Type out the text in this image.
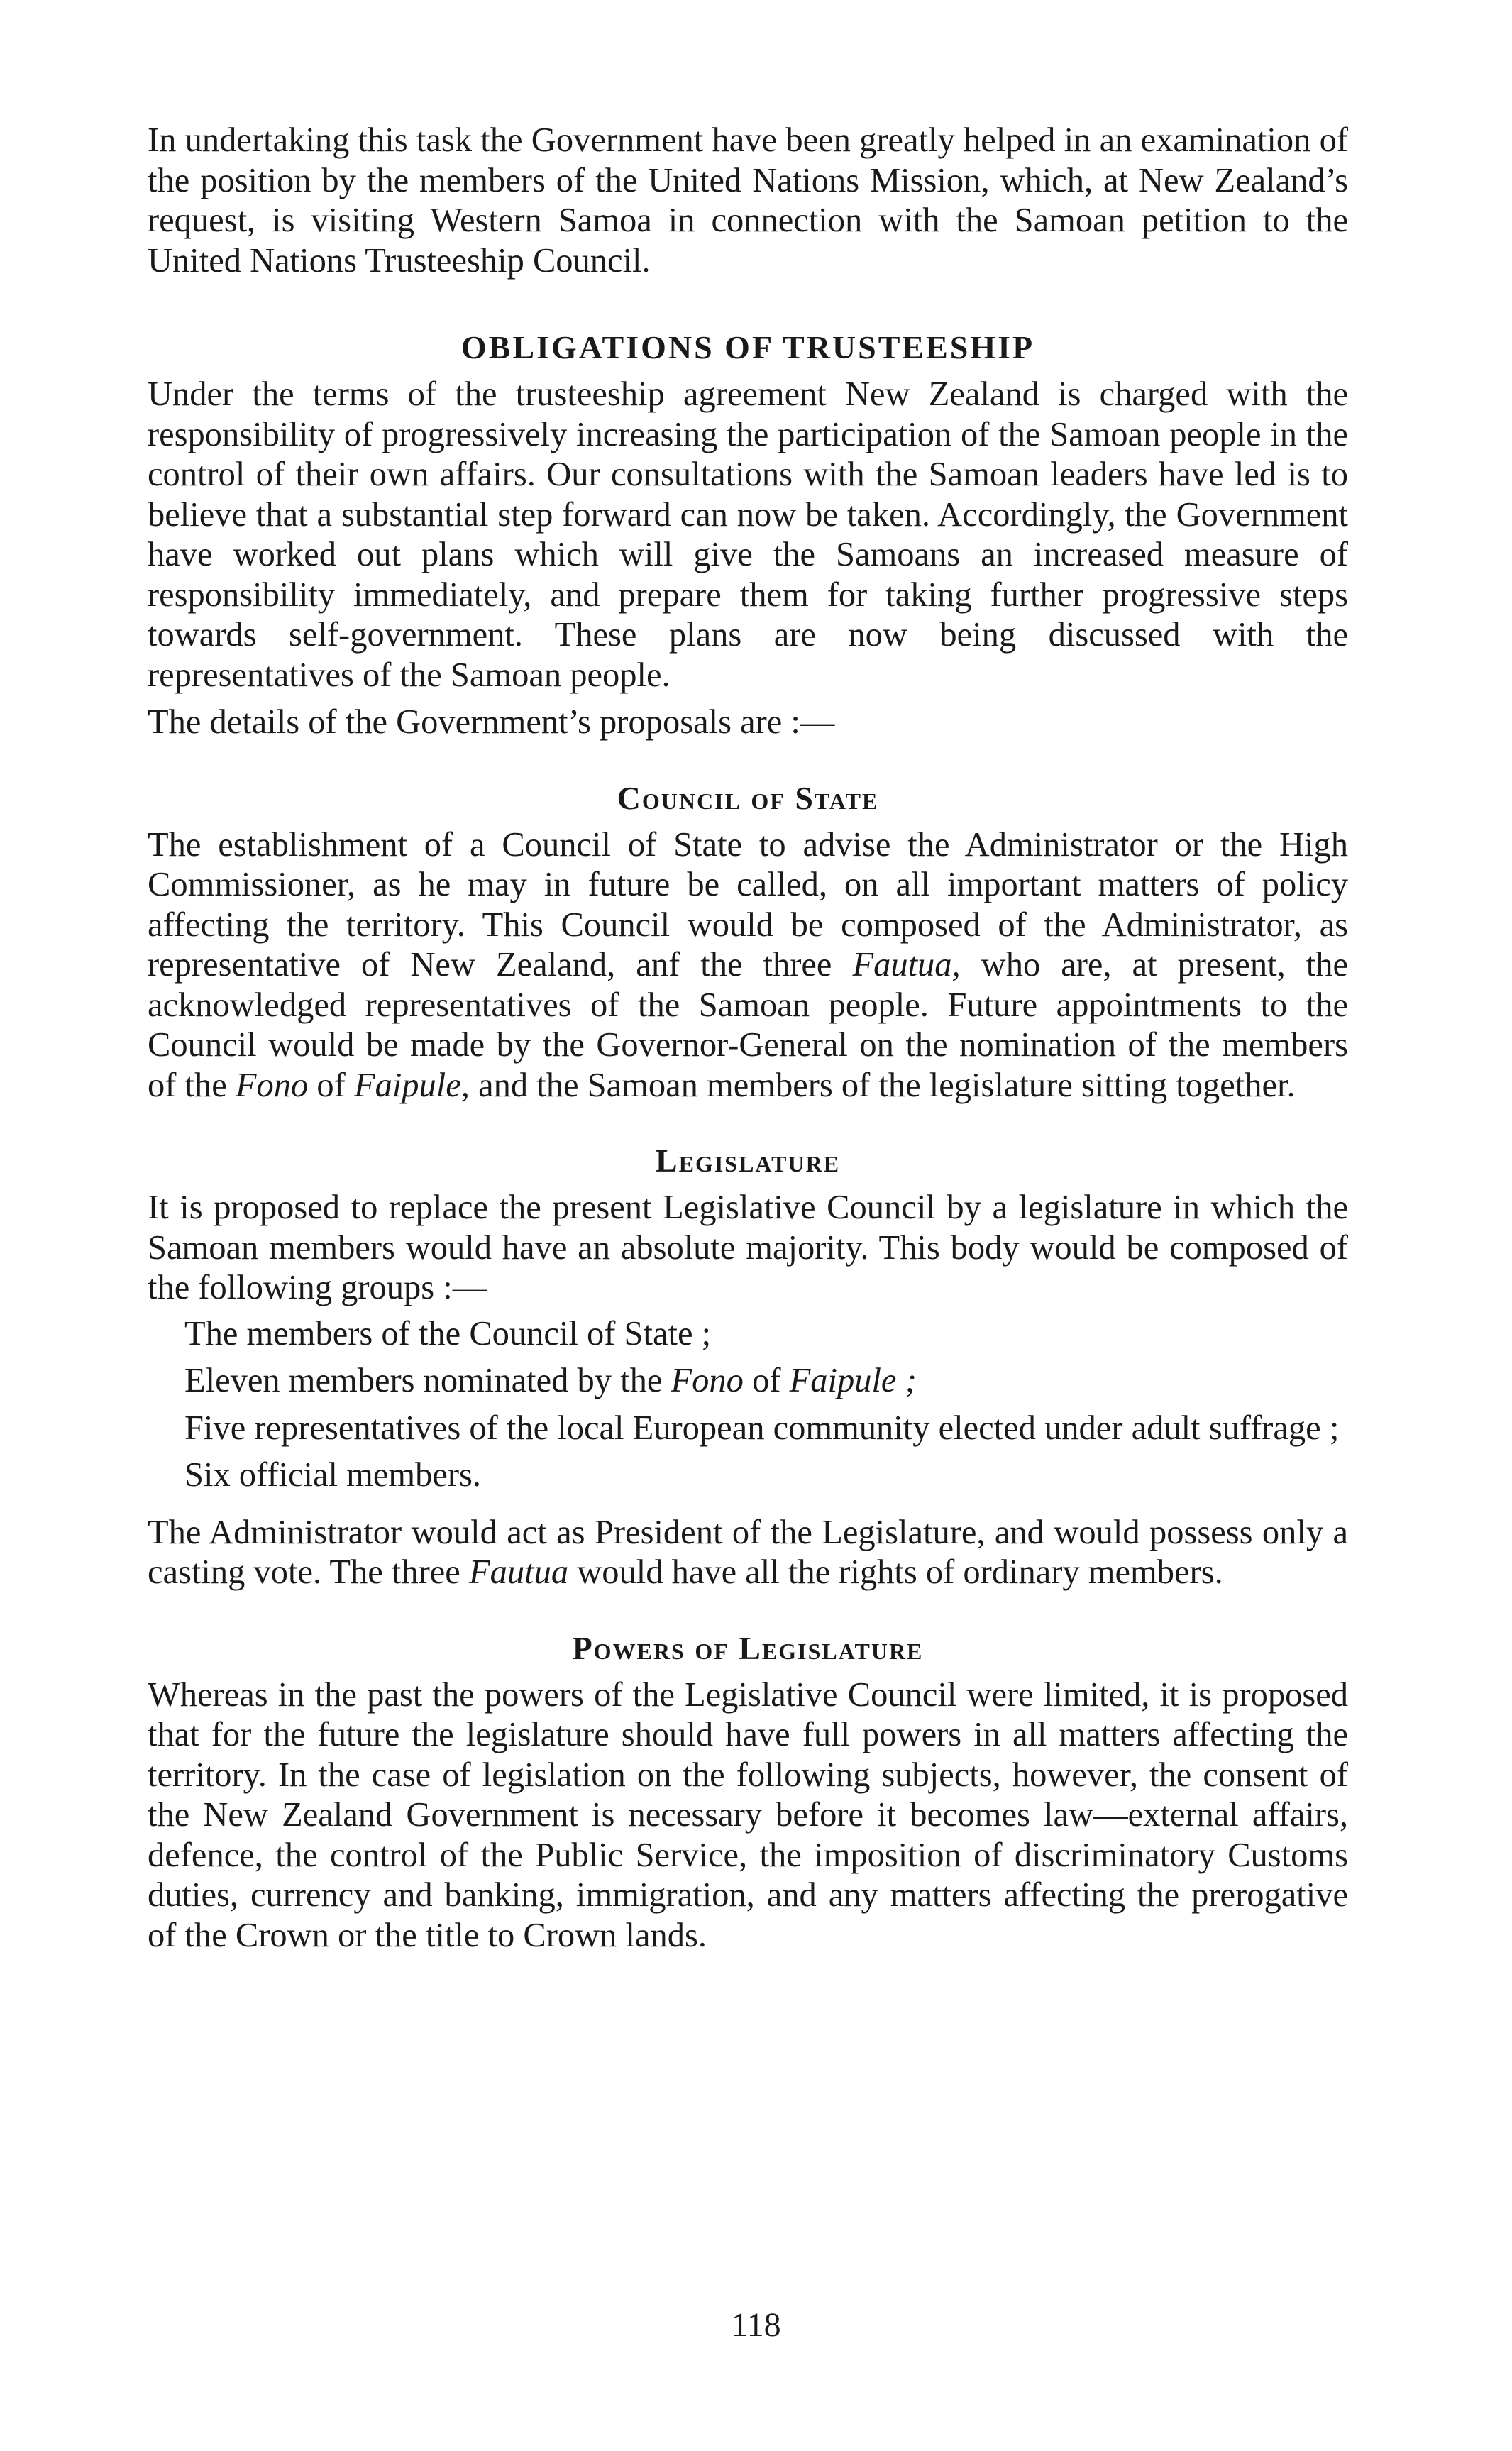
In undertaking this task the Government have been greatly helped in an examination of the position by the members of the United Nations Mission, which, at New Zealand’s request, is visiting Western Samoa in connection with the Samoan petition to the United Nations Trusteeship Council.

OBLIGATIONS OF TRUSTEESHIP

Under the terms of the trusteeship agreement New Zealand is charged with the responsibility of progressively increasing the participation of the Samoan people in the control of their own affairs. Our consultations with the Samoan leaders have led is to believe that a substantial step forward can now be taken. Accordingly, the Government have worked out plans which will give the Samoans an increased measure of responsibility immediately, and prepare them for taking further progressive steps towards self-government. These plans are now being discussed with the representatives of the Samoan people.

The details of the Government’s proposals are :—

Council of State

The establishment of a Council of State to advise the Administrator or the High Commissioner, as he may in future be called, on all important matters of policy affecting the territory. This Council would be composed of the Administrator, as representative of New Zealand, anf the three Fautua, who are, at present, the acknowledged representatives of the Samoan people. Future appointments to the Council would be made by the Governor-General on the nomination of the members of the Fono of Faipule, and the Samoan members of the legislature sitting together.

Legislature

It is proposed to replace the present Legislative Council by a legislature in which the Samoan members would have an absolute majority. This body would be composed of the following groups :—

The members of the Council of State ;
Eleven members nominated by the Fono of Faipule ;
Five representatives of the local European community elected under adult suffrage ;
Six official members.

The Administrator would act as President of the Legislature, and would possess only a casting vote. The three Fautua would have all the rights of ordinary members.

Powers of Legislature

Whereas in the past the powers of the Legislative Council were limited, it is proposed that for the future the legislature should have full powers in all matters affecting the territory. In the case of legislation on the following subjects, however, the consent of the New Zealand Government is necessary before it becomes law—external affairs, defence, the control of the Public Service, the imposition of discriminatory Customs duties, currency and banking, immigration, and any matters affecting the prerogative of the Crown or the title to Crown lands.

118
